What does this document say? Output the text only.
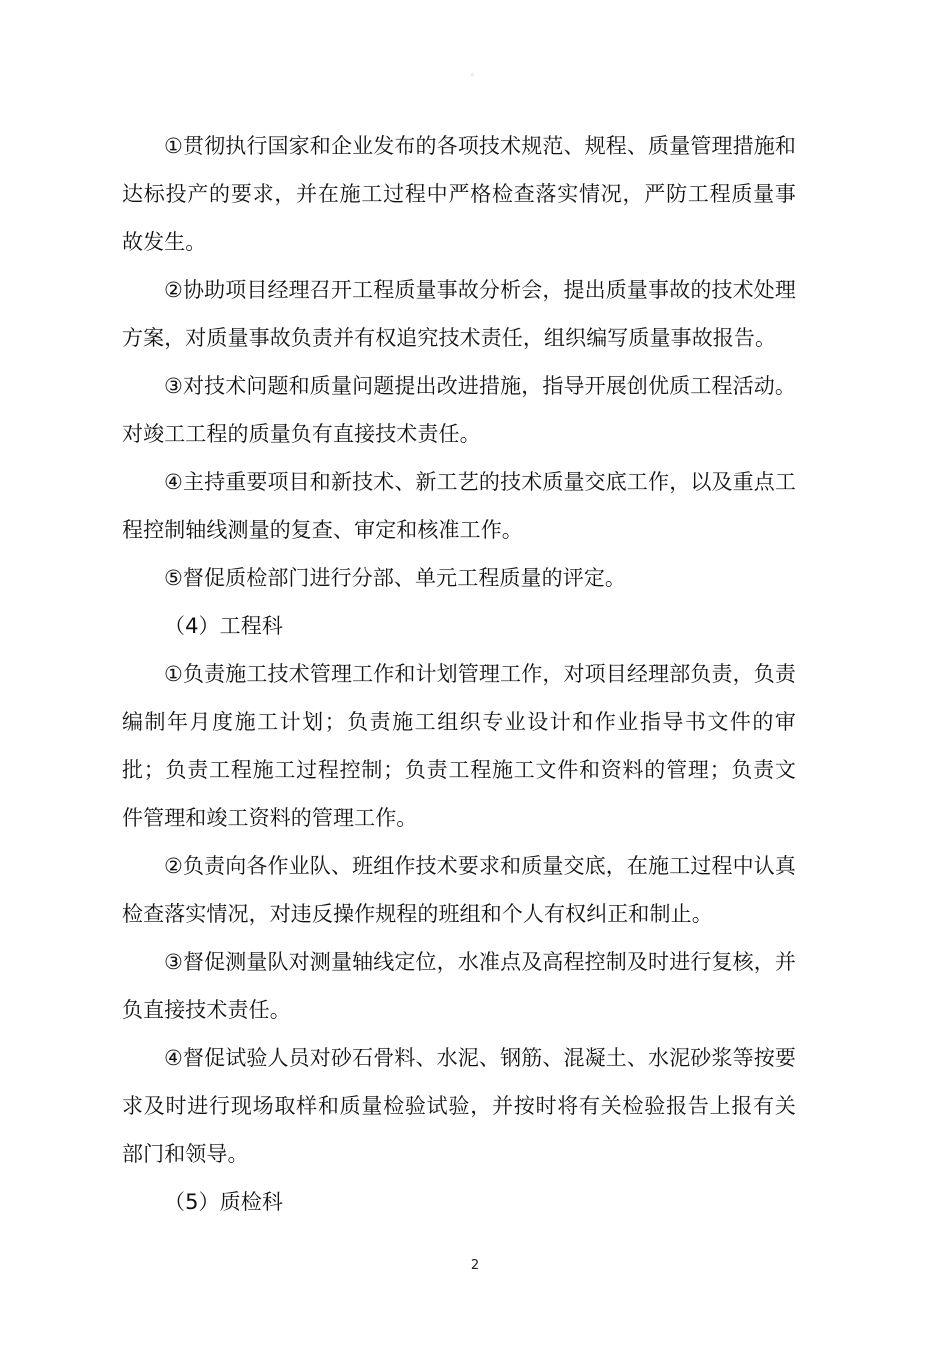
。

①贯彻执行国家和企业发布的各项技术规范、规程、质量管理措施和达标投产的要求，并在施工过程中严格检查落实情况，严防工程质量事故发生。

②协助项目经理召开工程质量事故分析会，提出质量事故的技术处理方案，对质量事故负责并有权追究技术责任，组织编写质量事故报告。

③对技术问题和质量问题提出改进措施，指导开展创优质工程活动。对竣工工程的质量负有直接技术责任。

④主持重要项目和新技术、新工艺的技术质量交底工作，以及重点工程控制轴线测量的复查、审定和核准工作。

⑤督促质检部门进行分部、单元工程质量的评定。

（4）工程科

①负责施工技术管理工作和计划管理工作，对项目经理部负责，负责编制年月度施工计划；负责施工组织专业设计和作业指导书文件的审批；负责工程施工过程控制；负责工程施工文件和资料的管理；负责文件管理和竣工资料的管理工作。

②负责向各作业队、班组作技术要求和质量交底，在施工过程中认真检查落实情况，对违反操作规程的班组和个人有权纠正和制止。

③督促测量队对测量轴线定位，水准点及高程控制及时进行复核，并负直接技术责任。

④督促试验人员对砂石骨料、水泥、钢筋、混凝土、水泥砂浆等按要求及时进行现场取样和质量检验试验，并按时将有关检验报告上报有关部门和领导。

（5）质检科

2
